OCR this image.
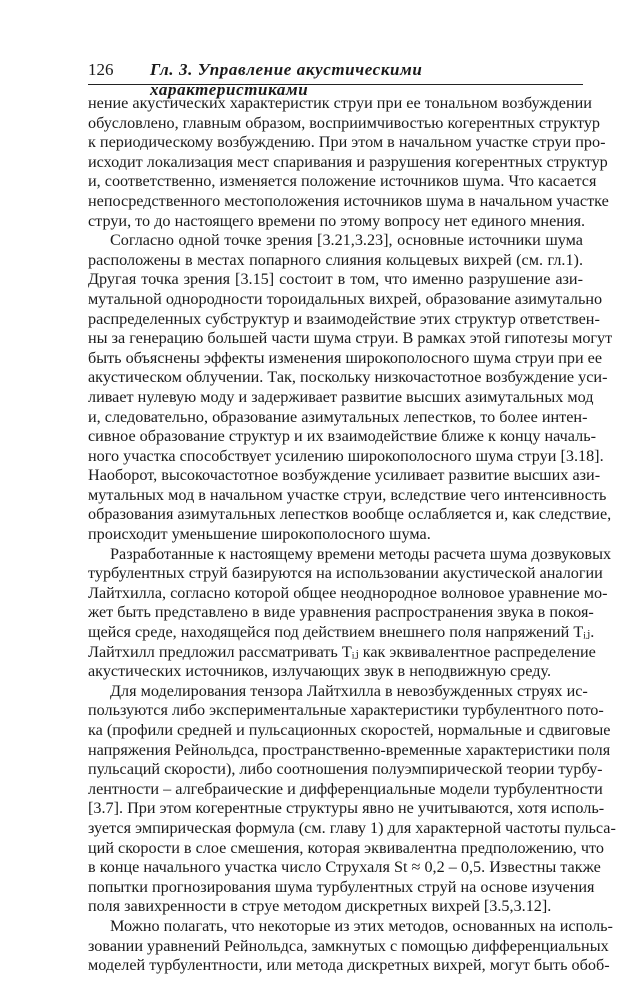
126 Гл. 3. Управление акустическими характеристиками
нение акустических характеристик струи при ее тональном возбуждении
обусловлено, главным образом, восприимчивостью когерентных структур
к периодическому возбуждению. При этом в начальном участке струи про-
исходит локализация мест спаривания и разрушения когерентных структур
и, соответственно, изменяется положение источников шума. Что касается
непосредственного местоположения источников шума в начальном участке
струи, то до настоящего времени по этому вопросу нет единого мнения.
Согласно одной точке зрения [3.21,3.23], основные источники шума
расположены в местах попарного слияния кольцевых вихрей (см. гл.1).
Другая точка зрения [3.15] состоит в том, что именно разрушение ази-
мутальной однородности тороидальных вихрей, образование азимутально
распределенных субструктур и взаимодействие этих структур ответствен-
ны за генерацию большей части шума струи. В рамках этой гипотезы могут
быть объяснены эффекты изменения широкополосного шума струи при ее
акустическом облучении. Так, поскольку низкочастотное возбуждение уси-
ливает нулевую моду и задерживает развитие высших азимутальных мод
и, следовательно, образование азимутальных лепестков, то более интен-
сивное образование структур и их взаимодействие ближе к концу началь-
ного участка способствует усилению широкополосного шума струи [3.18].
Наоборот, высокочастотное возбуждение усиливает развитие высших ази-
мутальных мод в начальном участке струи, вследствие чего интенсивность
образования азимутальных лепестков вообще ослабляется и, как следствие,
происходит уменьшение широкополосного шума.
Разработанные к настоящему времени методы расчета шума дозвуковых
турбулентных струй базируются на использовании акустической аналогии
Лайтхилла, согласно которой общее неоднородное волновое уравнение мо-
жет быть представлено в виде уравнения распространения звука в покоя-
щейся среде, находящейся под действием внешнего поля напряжений Tᵢⱼ.
Лайтхилл предложил рассматривать Tᵢⱼ как эквивалентное распределение
акустических источников, излучающих звук в неподвижную среду.
Для моделирования тензора Лайтхилла в невозбужденных струях ис-
пользуются либо экспериментальные характеристики турбулентного пото-
ка (профили средней и пульсационных скоростей, нормальные и сдвиговые
напряжения Рейнольдса, пространственно-временные характеристики поля
пульсаций скорости), либо соотношения полуэмпирической теории турбу-
лентности – алгебраические и дифференциальные модели турбулентности
[3.7]. При этом когерентные структуры явно не учитываются, хотя исполь-
зуется эмпирическая формула (см. главу 1) для характерной частоты пульса-
ций скорости в слое смешения, которая эквивалентна предположению, что
в конце начального участка число Струхаля St ≈ 0,2 – 0,5. Известны также
попытки прогнозирования шума турбулентных струй на основе изучения
поля завихренности в струе методом дискретных вихрей [3.5,3.12].
Можно полагать, что некоторые из этих методов, основанных на исполь-
зовании уравнений Рейнольдса, замкнутых с помощью дифференциальных
моделей турбулентности, или метода дискретных вихрей, могут быть обоб-
